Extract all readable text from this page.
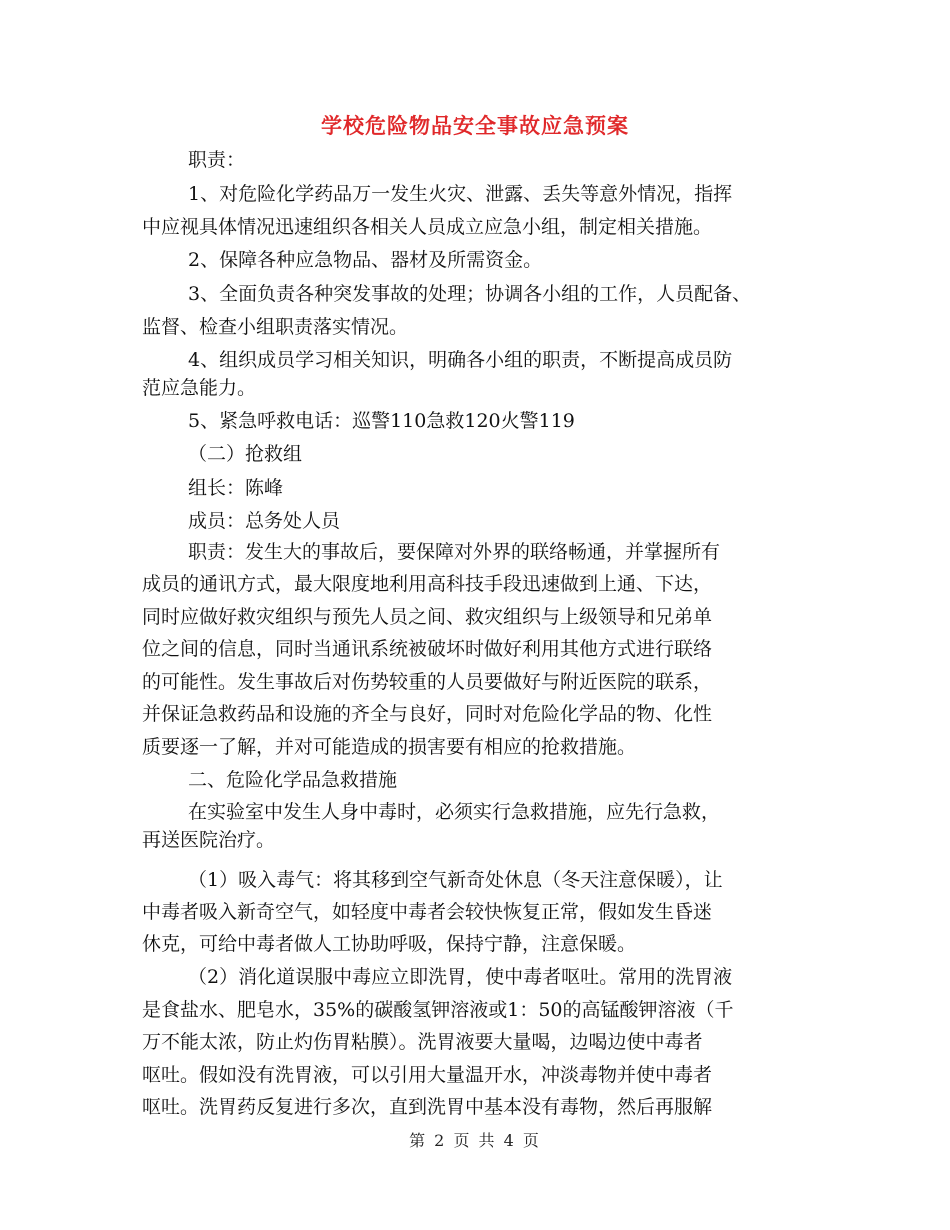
学校危险物品安全事故应急预案
职责：
1、对危险化学药品万一发生火灾、泄露、丢失等意外情况，指挥
中应视具体情况迅速组织各相关人员成立应急小组，制定相关措施。
2、保障各种应急物品、器材及所需资金。
3、全面负责各种突发事故的处理；协调各小组的工作，人员配备、
监督、检查小组职责落实情况。
4、组织成员学习相关知识，明确各小组的职责，不断提高成员防
范应急能力。
5、紧急呼救电话：巡警110急救120火警119
（二）抢救组
组长：陈峰
成员：总务处人员
职责：发生大的事故后，要保障对外界的联络畅通，并掌握所有
成员的通讯方式，最大限度地利用高科技手段迅速做到上通、下达，
同时应做好救灾组织与预先人员之间、救灾组织与上级领导和兄弟单
位之间的信息，同时当通讯系统被破坏时做好利用其他方式进行联络
的可能性。发生事故后对伤势较重的人员要做好与附近医院的联系，
并保证急救药品和设施的齐全与良好，同时对危险化学品的物、化性
质要逐一了解，并对可能造成的损害要有相应的抢救措施。
二、危险化学品急救措施
在实验室中发生人身中毒时，必须实行急救措施，应先行急救，
再送医院治疗。
（1）吸入毒气：将其移到空气新奇处休息（冬天注意保暖），让
中毒者吸入新奇空气，如轻度中毒者会较快恢复正常，假如发生昏迷
休克，可给中毒者做人工协助呼吸，保持宁静，注意保暖。
（2）消化道误服中毒应立即洗胃，使中毒者呕吐。常用的洗胃液
是食盐水、肥皂水，35%的碳酸氢钾溶液或1：50的高锰酸钾溶液（千
万不能太浓，防止灼伤胃粘膜）。洗胃液要大量喝，边喝边使中毒者
呕吐。假如没有洗胃液，可以引用大量温开水，冲淡毒物并使中毒者
呕吐。洗胃药反复进行多次，直到洗胃中基本没有毒物，然后再服解
第 2 页 共 4 页
